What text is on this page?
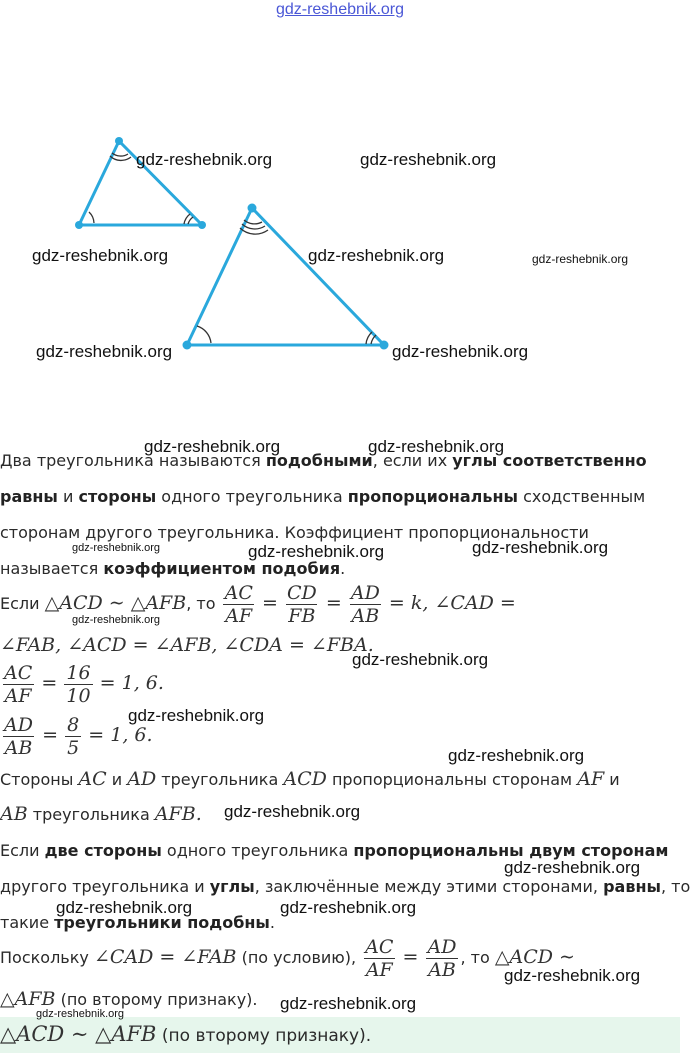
gdz-reshebnik.org
gdz-reshebnik.org	gdz-reshebnik.org
gdz-reshebnik.org	gdz-reshebnik.org	gdz-reshebnik.org
gdz-reshebnik.org	gdz-reshebnik.org
Два треугольника называются подобными, если их углы соответственно
равны и стороны одного треугольника пропорциональны сходственным
сторонам другого треугольника. Коэффициент пропорциональности
называется коэффициентом подобия.
Если △ACD ∼ △AFB, то $\frac{AC}{AF} = \frac{CD}{FB} = \frac{AD}{AB} = k$, ∠CAD =
∠FAB, ∠ACD = ∠AFB, ∠CDA = ∠FBA.
$\frac{AC}{AF} = \frac{16}{10} = 1$, 6.
$\frac{AD}{AB} = \frac{8}{5} = 1$, 6.
Стороны AC и AD треугольника ACD пропорциональны сторонам AF и
AB треугольника AFB.
Если две стороны одного треугольника пропорциональны двум сторонам
другого треугольника и углы, заключённые между этими сторонами, равны, то
такие треугольники подобны.
Поскольку ∠CAD = ∠FAB (по условию), $\frac{AC}{AF} = \frac{AD}{AB}$ , то △ACD ∼
△AFB (по второму признаку).
△ACD ∼ △AFB (по второму признаку).
gdz-reshebnik.org	gdz-reshebnik.org
gdz-reshebnik.org	gdz-reshebnik.org	gdz-reshebnik.org
gdz-reshebnik.org
gdz-reshebnik.org
gdz-reshebnik.org
gdz-reshebnik.org
gdz-reshebnik.org
gdz-reshebnik.org
gdz-reshebnik.org	gdz-reshebnik.org
gdz-reshebnik.org
gdz-reshebnik.org
gdz-reshebnik.org
